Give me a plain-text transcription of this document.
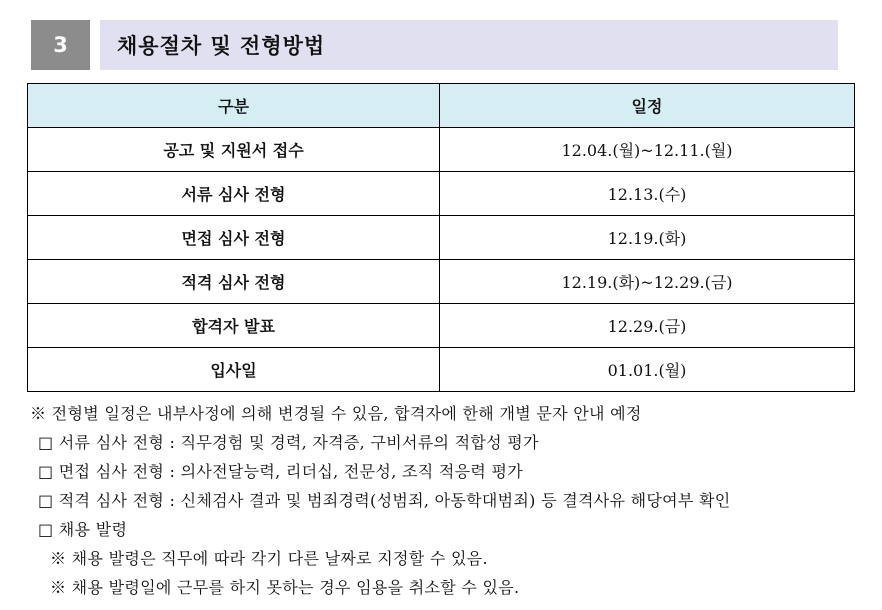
3	채용절차 및 전형방법
구분	일정
공고 및 지원서 접수	12.04.(월)~12.11.(월)
서류 심사 전형	12.13.(수)
면접 심사 전형	12.19.(화)
적격 심사 전형	12.19.(화)~12.29.(금)
합격자 발표	12.29.(금)
입사일	01.01.(월)
※ 전형별 일정은 내부사정에 의해 변경될 수 있음, 합격자에 한해 개별 문자 안내 예정
□ 서류 심사 전형 : 직무경험 및 경력, 자격증, 구비서류의 적합성 평가
□ 면접 심사 전형 : 의사전달능력, 리더십, 전문성, 조직 적응력 평가
□ 적격 심사 전형 : 신체검사 결과 및 범죄경력(성범죄, 아동학대범죄) 등 결격사유 해당여부 확인
□ 채용 발령
※ 채용 발령은 직무에 따라 각기 다른 날짜로 지정할 수 있음.
※ 채용 발령일에 근무를 하지 못하는 경우 임용을 취소할 수 있음.
